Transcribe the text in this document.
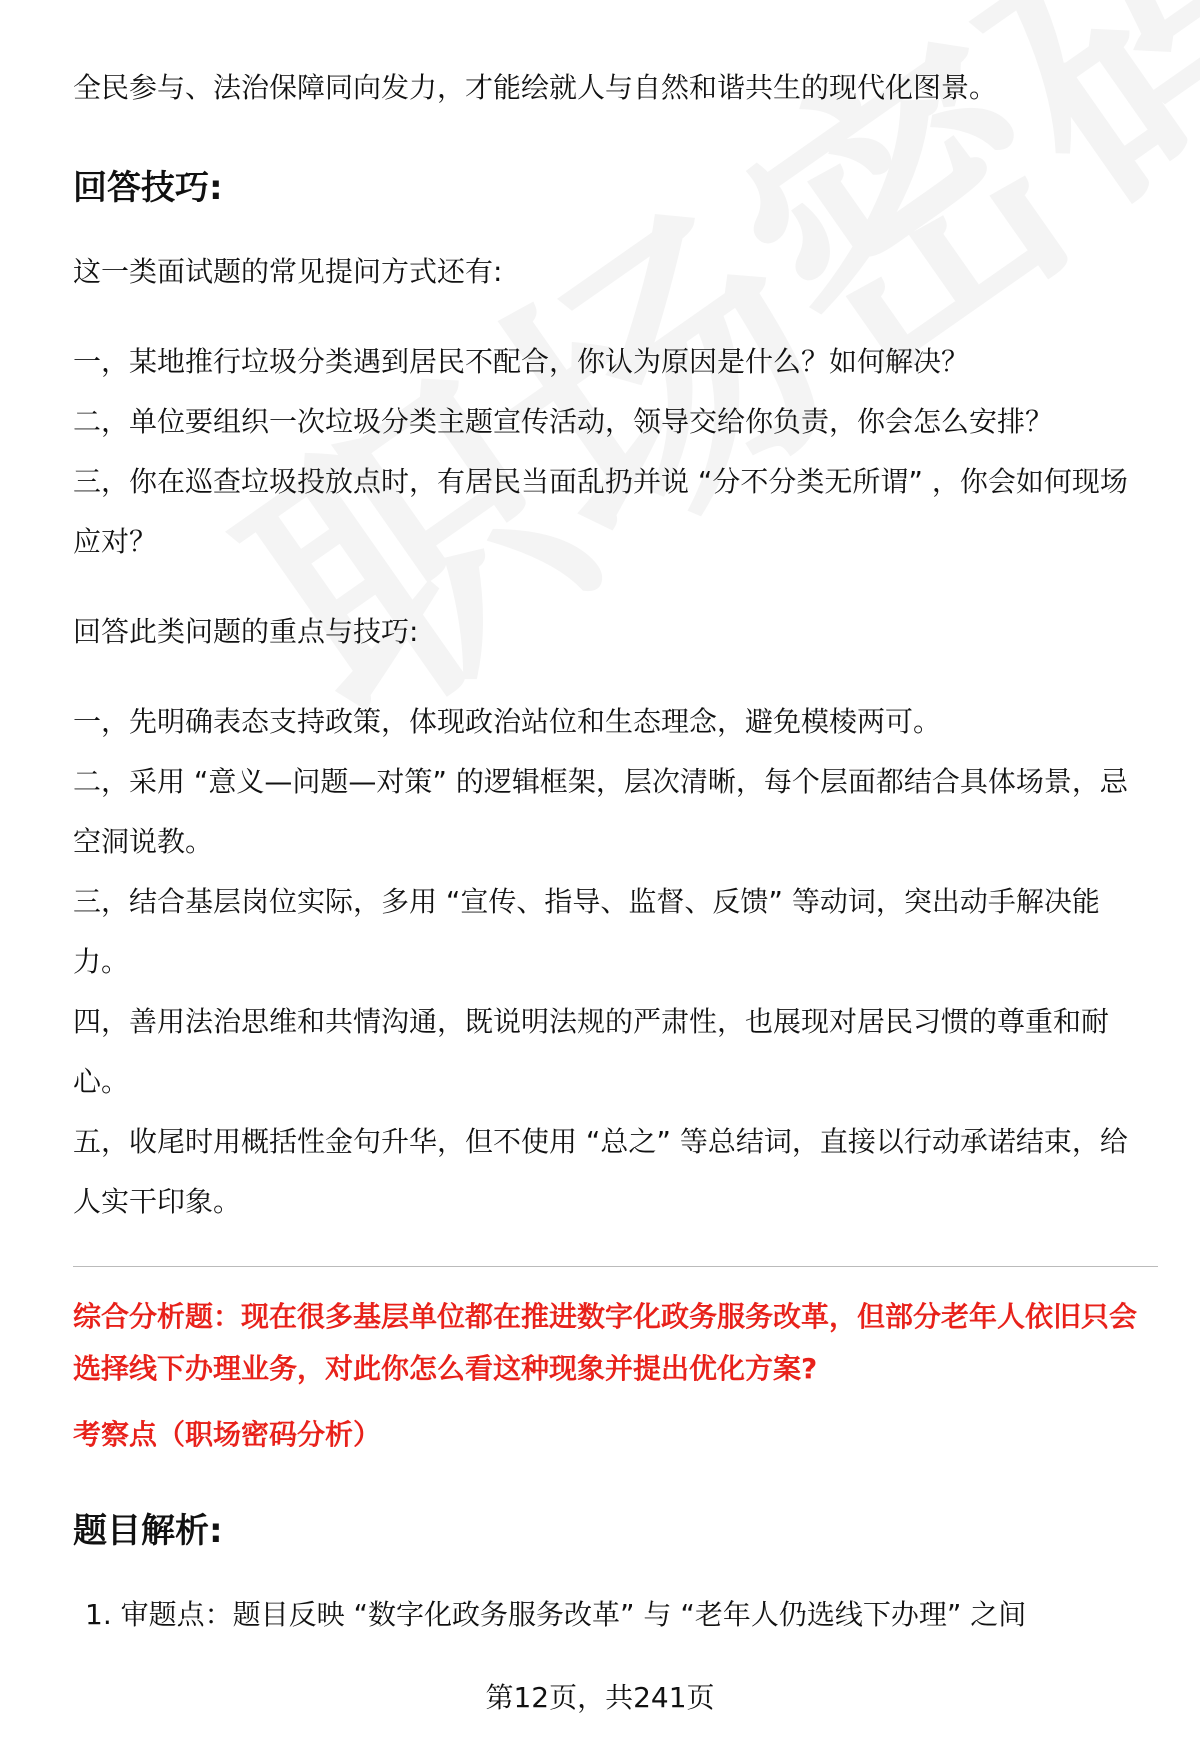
全民参与、法治保障同向发力，才能绘就人与自然和谐共生的现代化图景。

回答技巧:

这一类面试题的常见提问方式还有:

一，某地推行垃圾分类遇到居民不配合，你认为原因是什么？如何解决？

二，单位要组织一次垃圾分类主题宣传活动，领导交给你负责，你会怎么安排？

三，你在巡查垃圾投放点时，有居民当面乱扔并说 “分不分类无所谓” ，你会如何现场应对？

回答此类问题的重点与技巧:

一，先明确表态支持政策，体现政治站位和生态理念，避免模棱两可。

二，采用 “意义—问题—对策” 的逻辑框架，层次清晰，每个层面都结合具体场景，忌空洞说教。

三，结合基层岗位实际，多用 “宣传、指导、监督、反馈” 等动词，突出动手解决能力。

四，善用法治思维和共情沟通，既说明法规的严肃性，也展现对居民习惯的尊重和耐心。

五，收尾时用概括性金句升华，但不使用 “总之” 等总结词，直接以行动承诺结束，给人实干印象。

综合分析题：现在很多基层单位都在推进数字化政务服务改革，但部分老年人依旧只会选择线下办理业务，对此你怎么看这种现象并提出优化方案?

考察点（职场密码分析）

题目解析:
1. 审题点：题目反映 “数字化政务服务改革” 与 “老年人仍选线下办理” 之间
第12页，共241页
